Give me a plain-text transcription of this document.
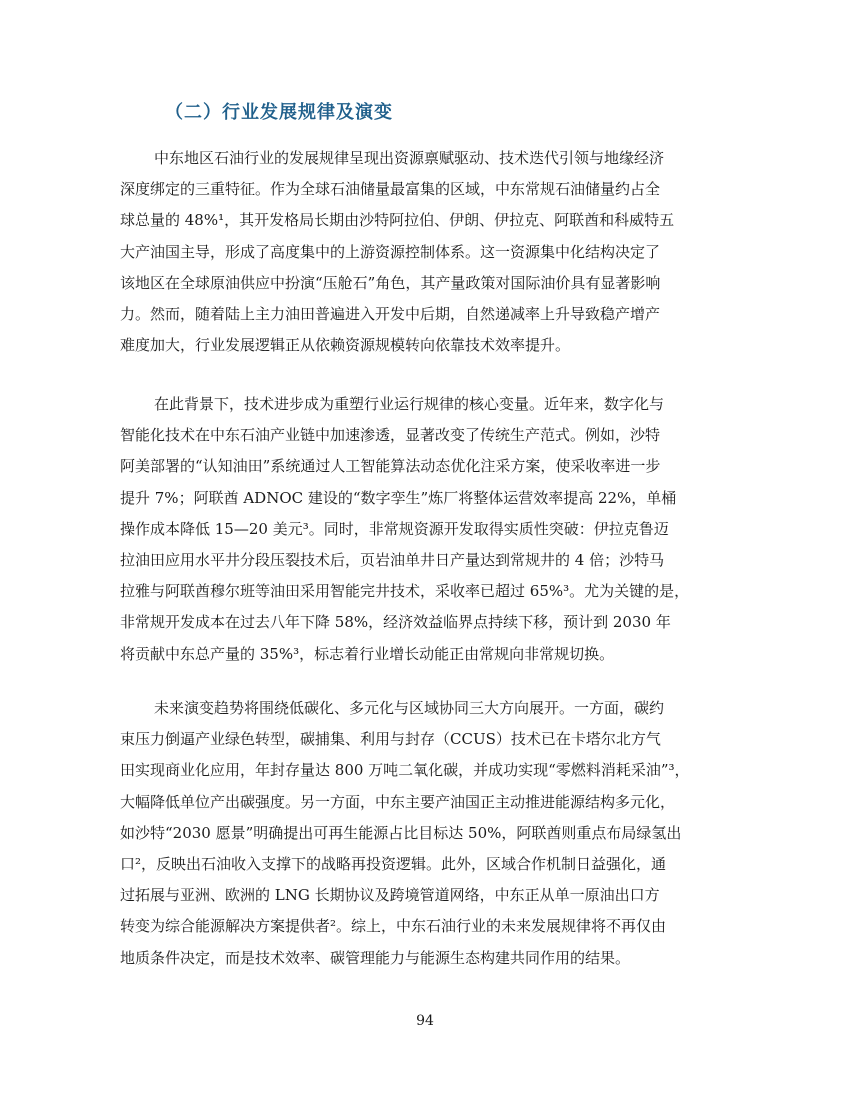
（二）行业发展规律及演变
中东地区石油行业的发展规律呈现出资源禀赋驱动、技术迭代引领与地缘经济
深度绑定的三重特征。作为全球石油储量最富集的区域，中东常规石油储量约占全
球总量的 48%¹，其开发格局长期由沙特阿拉伯、伊朗、伊拉克、阿联酋和科威特五
大产油国主导，形成了高度集中的上游资源控制体系。这一资源集中化结构决定了
该地区在全球原油供应中扮演“压舱石”角色，其产量政策对国际油价具有显著影响
力。然而，随着陆上主力油田普遍进入开发中后期，自然递减率上升导致稳产增产
难度加大，行业发展逻辑正从依赖资源规模转向依靠技术效率提升。
在此背景下，技术进步成为重塑行业运行规律的核心变量。近年来，数字化与
智能化技术在中东石油产业链中加速渗透，显著改变了传统生产范式。例如，沙特
阿美部署的“认知油田”系统通过人工智能算法动态优化注采方案，使采收率进一步
提升 7%；阿联酋 ADNOC 建设的“数字孪生”炼厂将整体运营效率提高 22%，单桶
操作成本降低 15—20 美元³。同时，非常规资源开发取得实质性突破：伊拉克鲁迈
拉油田应用水平井分段压裂技术后，页岩油单井日产量达到常规井的 4 倍；沙特马
拉雅与阿联酋穆尔班等油田采用智能完井技术，采收率已超过 65%³。尤为关键的是，
非常规开发成本在过去八年下降 58%，经济效益临界点持续下移，预计到 2030 年
将贡献中东总产量的 35%³，标志着行业增长动能正由常规向非常规切换。
未来演变趋势将围绕低碳化、多元化与区域协同三大方向展开。一方面，碳约
束压力倒逼产业绿色转型，碳捕集、利用与封存（CCUS）技术已在卡塔尔北方气
田实现商业化应用，年封存量达 800 万吨二氧化碳，并成功实现“零燃料消耗采油”³，
大幅降低单位产出碳强度。另一方面，中东主要产油国正主动推进能源结构多元化，
如沙特“2030 愿景”明确提出可再生能源占比目标达 50%，阿联酋则重点布局绿氢出
口²，反映出石油收入支撑下的战略再投资逻辑。此外，区域合作机制日益强化，通
过拓展与亚洲、欧洲的 LNG 长期协议及跨境管道网络，中东正从单一原油出口方
转变为综合能源解决方案提供者²。综上，中东石油行业的未来发展规律将不再仅由
地质条件决定，而是技术效率、碳管理能力与能源生态构建共同作用的结果。
94
